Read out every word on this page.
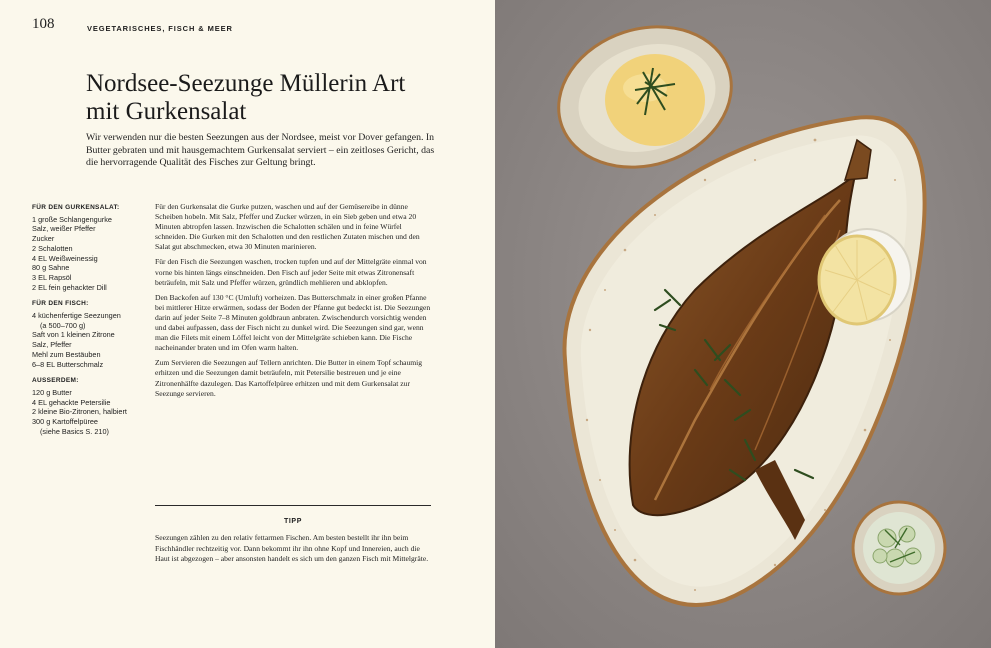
108	VEGETARISCHES, FISCH & MEER
Nordsee-Seezunge Müllerin Art
mit Gurkensalat
Wir verwenden nur die besten Seezungen aus der Nordsee, meist vor Dover gefangen. In Butter gebraten und mit hausgemachtem Gurkensalat serviert – ein zeitloses Gericht, das die hervorragende Qualität des Fisches zur Geltung bringt.
FÜR DEN GURKENSALAT:
1 große Schlangengurke
Salz, weißer Pfeffer
Zucker
2 Schalotten
4 EL Weißweinessig
80 g Sahne
3 EL Rapsöl
2 EL fein gehackter Dill
FÜR DEN FISCH:
4 küchenfertige Seezungen
(a 500–700 g)
Saft von 1 kleinen Zitrone
Salz, Pfeffer
Mehl zum Bestäuben
6–8 EL Butterschmalz
AUSSERDEM:
120 g Butter
4 EL gehackte Petersilie
2 kleine Bio-Zitronen, halbiert
300 g Kartoffelpüree
(siehe Basics S. 210)

Für den Gurkensalat die Gurke putzen, waschen und auf der Gemüsereibe in dünne Scheiben hobeln. Mit Salz, Pfeffer und Zucker würzen, in ein Sieb geben und etwa 20 Minuten abtropfen lassen. Inzwischen die Schalotten schälen und in feine Würfel schneiden. Die Gurken mit den Schalotten und den restlichen Zutaten mischen und den Salat gut abschmecken, etwa 30 Minuten marinieren.

Für den Fisch die Seezungen waschen, trocken tupfen und auf der Mittelgräte einmal von vorne bis hinten längs einschneiden. Den Fisch auf jeder Seite mit etwas Zitronensaft beträufeln, mit Salz und Pfeffer würzen, gründlich mehlieren und abklopfen.

Den Backofen auf 130 °C (Umluft) vorheizen. Das Butterschmalz in einer großen Pfanne bei mittlerer Hitze erwärmen, sodass der Boden der Pfanne gut bedeckt ist. Die Seezungen darin auf jeder Seite 7–8 Minuten goldbraun anbraten. Zwischendurch vorsichtig wenden und dabei aufpassen, dass der Fisch nicht zu dunkel wird. Die Seezungen sind gar, wenn man die Filets mit einem Löffel leicht von der Mittelgräte schieben kann. Die Fische nacheinander braten und im Ofen warm halten.

Zum Servieren die Seezungen auf Tellern anrichten. Die Butter in einem Topf schaumig erhitzen und die Seezungen damit beträufeln, mit Petersilie bestreuen und je eine Zitronenhälfte dazulegen. Das Kartoffelpüree erhitzen und mit dem Gurkensalat zur Seezunge servieren.

TIPP
Seezungen zählen zu den relativ fettarmen Fischen. Am besten bestellt ihr ihn beim Fischhändler rechtzeitig vor. Dann bekommt ihr ihn ohne Kopf und Innereien, auch die Haut ist abgezogen – aber ansonsten handelt es sich um den ganzen Fisch mit Mittelgräte.
